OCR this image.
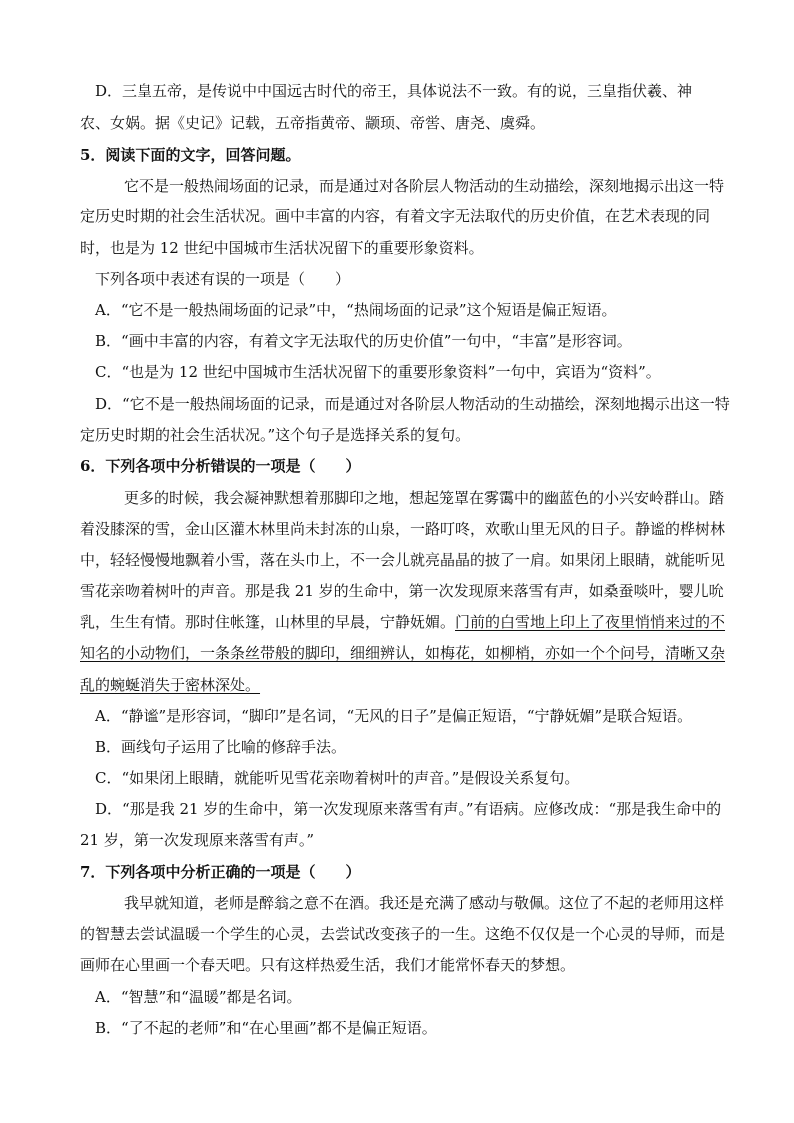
D．三皇五帝，是传说中中国远古时代的帝王，具体说法不一致。有的说，三皇指伏羲、神
农、女娲。据《史记》记载，五帝指黄帝、颛顼、帝喾、唐尧、虞舜。
5．阅读下面的文字，回答问题。
它不是一般热闹场面的记录，而是通过对各阶层人物活动的生动描绘，深刻地揭示出这一特
定历史时期的社会生活状况。画中丰富的内容，有着文字无法取代的历史价值，在艺术表现的同
时，也是为 12 世纪中国城市生活状况留下的重要形象资料。
下列各项中表述有误的一项是（　　）
A．“它不是一般热闹场面的记录”中，“热闹场面的记录”这个短语是偏正短语。
B．“画中丰富的内容，有着文字无法取代的历史价值”一句中，“丰富”是形容词。
C．“也是为 12 世纪中国城市生活状况留下的重要形象资料”一句中，宾语为“资料”。
D．“它不是一般热闹场面的记录，而是通过对各阶层人物活动的生动描绘，深刻地揭示出这一特
定历史时期的社会生活状况。”这个句子是选择关系的复句。
6．下列各项中分析错误的一项是（　　）
更多的时候，我会凝神默想着那脚印之地，想起笼罩在雾霭中的幽蓝色的小兴安岭群山。踏
着没膝深的雪，金山区灌木林里尚未封冻的山泉，一路叮咚，欢歌山里无风的日子。静谧的桦树林
中，轻轻慢慢地飘着小雪，落在头巾上，不一会儿就亮晶晶的披了一肩。如果闭上眼睛，就能听见
雪花亲吻着树叶的声音。那是我 21 岁的生命中，第一次发现原来落雪有声，如桑蚕啖叶，婴儿吮
乳，生生有情。那时住帐篷，山林里的早晨，宁静妩媚。门前的白雪地上印上了夜里悄悄来过的不
知名的小动物们，一条条丝带般的脚印，细细辨认，如梅花，如柳梢，亦如一个个问号，清晰又杂
乱的蜿蜒消失于密林深处。
A．“静谧”是形容词，“脚印”是名词，“无风的日子”是偏正短语，“宁静妩媚”是联合短语。
B．画线句子运用了比喻的修辞手法。
C．“如果闭上眼睛，就能听见雪花亲吻着树叶的声音。”是假设关系复句。
D．“那是我 21 岁的生命中，第一次发现原来落雪有声。”有语病。应修改成：“那是我生命中的
21 岁，第一次发现原来落雪有声。”
7．下列各项中分析正确的一项是（　　）
我早就知道，老师是醉翁之意不在酒。我还是充满了感动与敬佩。这位了不起的老师用这样
的智慧去尝试温暖一个学生的心灵，去尝试改变孩子的一生。这绝不仅仅是一个心灵的导师，而是
画师在心里画一个春天吧。只有这样热爱生活，我们才能常怀春天的梦想。
A．“智慧”和“温暖”都是名词。
B．“了不起的老师”和“在心里画”都不是偏正短语。
